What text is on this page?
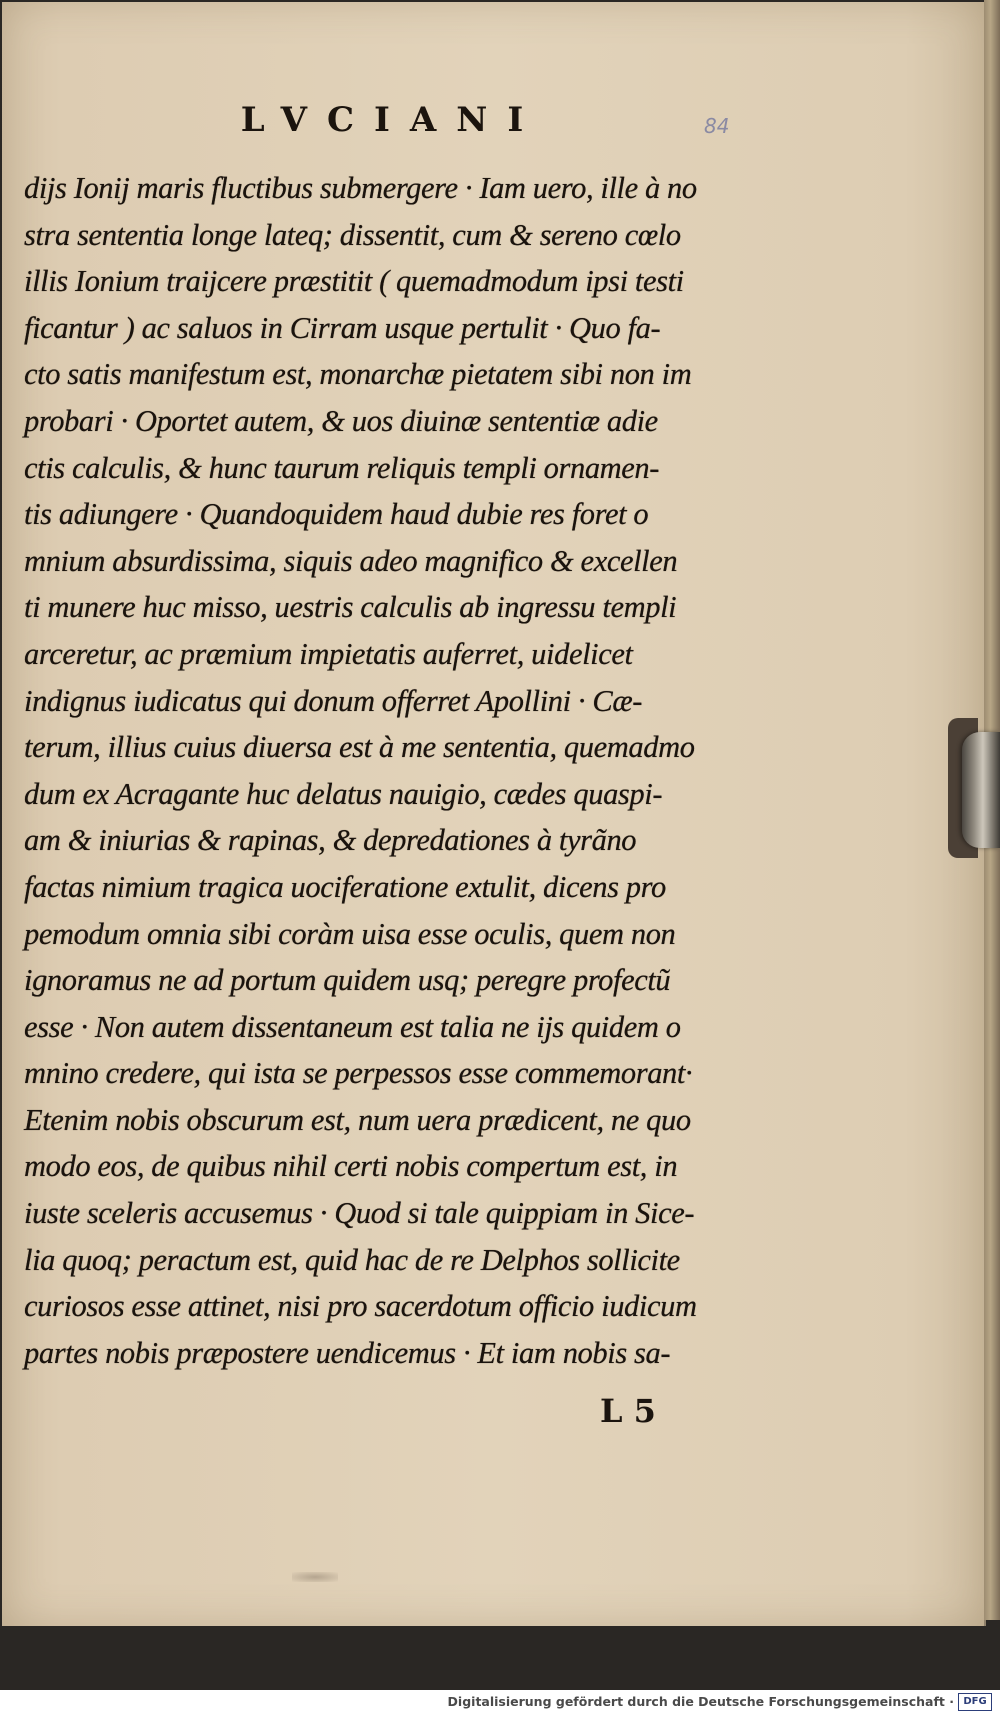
LVCIANI	84
dijs Ionij maris fluctibus submergere · Iam uero, ille à no
stra sententia longe lateq; dissentit, cum & sereno cœlo
illis Ionium traijcere præstitit ( quemadmodum ipsi testi
ficantur ) ac saluos in Cirram usque pertulit · Quo fa-
cto satis manifestum est, monarchæ pietatem sibi non im
probari · Oportet autem, & uos diuinæ sententiæ adie
ctis calculis, & hunc taurum reliquis templi ornamen-
tis adiungere · Quandoquidem haud dubie res foret o
mnium absurdissima, siquis adeo magnifico & excellen
ti munere huc misso, uestris calculis ab ingressu templi
arceretur, ac præmium impietatis auferret, uidelicet
indignus iudicatus qui donum offerret Apollini · Cæ-
terum, illius cuius diuersa est à me sententia, quemadmo
dum ex Acragante huc delatus nauigio, cædes quaspi-
am & iniurias & rapinas, & depredationes à tyrãno
factas nimium tragica uociferatione extulit, dicens pro
pemodum omnia sibi coràm uisa esse oculis, quem non
ignoramus ne ad portum quidem usq; peregre profectũ
esse · Non autem dissentaneum est talia ne ijs quidem o
mnino credere, qui ista se perpessos esse commemorant·
Etenim nobis obscurum est, num uera prædicent, ne quo
modo eos, de quibus nihil certi nobis compertum est, in
iuste sceleris accusemus · Quod si tale quippiam in Sice-
lia quoq; peractum est, quid hac de re Delphos sollicite
curiosos esse attinet, nisi pro sacerdotum officio iudicum
partes nobis præpostere uendicemus · Et iam nobis sa-
L 5
Digitalisierung gefördert durch die Deutsche Forschungsgemeinschaft · DFG
